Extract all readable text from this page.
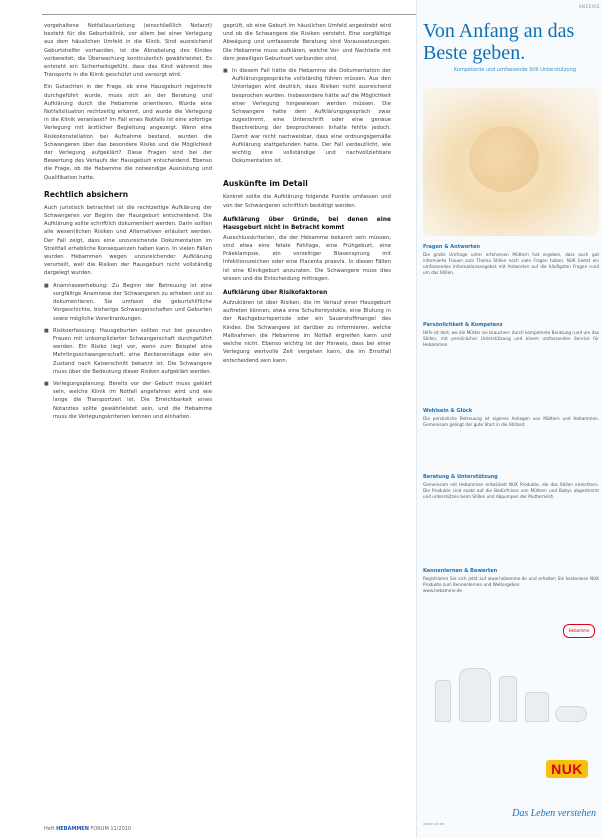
vorgehaltene Notfallausrüstung (einschließlich Notarzt) besteht für die Geburtsklinik, vor allem bei einer Verlegung aus dem häuslichen Umfeld in die Klinik. Sind ausreichend Geburtshelfer vorhanden, ist die Abnabelung des Kindes vorbereitet, die Überwachung kontinuierlich gewährleistet. Es entsteht ein Sicherheitsgefühl, dass das Kind während des Transports in die Klinik geschützt und versorgt wird.

Ein Gutachten in der Frage, ob eine Hausgeburt regelrecht durchgeführt wurde, muss sich an der Beratung und Aufklärung durch die Hebamme orientieren. Wurde eine Notfallsituation rechtzeitig erkannt, und wurde die Verlegung in die Klinik veranlasst? Im Fall eines Notfalls ist eine sofortige Verlegung mit ärztlicher Begleitung angezeigt. Wenn eine Risikokonstellation bei Aufnahme bestand, wurden die Schwangeren über das besondere Risiko und die Möglichkeit der Verlegung aufgeklärt? Diese Fragen sind bei der Bewertung des Verlaufs der Hausgeburt entscheidend. Ebenso die Frage, ob die Hebamme die notwendige Ausrüstung und Qualifikation hatte.

Rechtlich absichern

Auch juristisch betrachtet ist die rechtzeitige Aufklärung der Schwangeren vor Beginn der Hausgeburt entscheidend. Die Aufklärung sollte schriftlich dokumentiert werden. Darin sollten alle wesentlichen Risiken und Alternativen erläutert werden. Der Fall zeigt, dass eine unzureichende Dokumentation im Streitfall erhebliche Konsequenzen haben kann. In vielen Fällen wurden Hebammen wegen unzureichender Aufklärung verurteilt, weil die Risiken der Hausgeburt nicht vollständig dargelegt wurden.

■ Anamneseerhebung: Zu Beginn der Betreuung ist eine sorgfältige Anamnese der Schwangeren zu erheben und zu dokumentieren. Sie umfasst die geburtshilfliche Vorgeschichte, bisherige Schwangerschaften und Geburten sowie mögliche Vorerkrankungen.

■ Risikoerfassung: Hausgeburten sollten nur bei gesunden Frauen mit unkomplizierter Schwangerschaft durchgeführt werden. Ein Risiko liegt vor, wenn zum Beispiel eine Mehrlingsschwangerschaft, eine Beckenendlage oder ein Zustand nach Kaiserschnitt bekannt ist. Die Schwangere muss über die Bedeutung dieser Risiken aufgeklärt werden.

■ Verlegungsplanung: Bereits vor der Geburt muss geklärt sein, welche Klinik im Notfall angefahren wird und wie lange die Transportzeit ist. Die Erreichbarkeit eines Notarztes sollte gewährleistet sein, und die Hebamme muss die Verlegungskriterien kennen und einhalten.

geprüft, ob eine Geburt im häuslichen Umfeld angestrebt wird und ob die Schwangere die Risiken versteht. Eine sorgfältige Abwägung und umfassende Beratung sind Voraussetzungen. Die Hebamme muss aufklären, welche Vor- und Nachteile mit dem jeweiligen Geburtsort verbunden sind.

■ In diesem Fall hätte die Hebamme die Dokumentation der Aufklärungsgespräche vollständig führen müssen. Aus den Unterlagen wird deutlich, dass Risiken nicht ausreichend besprochen wurden. Insbesondere hätte auf die Möglichkeit einer Verlegung hingewiesen werden müssen. Die Schwangere hatte dem Aufklärungsgespräch zwar zugestimmt, eine Unterschrift oder eine genaue Beschreibung der besprochenen Inhalte fehlte jedoch. Damit war nicht nachweisbar, dass eine ordnungsgemäße Aufklärung stattgefunden hatte. Der Fall verdeutlicht, wie wichtig eine vollständige und nachvollziehbare Dokumentation ist.

Auskünfte im Detail

Konkret sollte die Aufklärung folgende Punkte umfassen und von der Schwangeren schriftlich bestätigt werden.

Aufklärung über Gründe, bei denen eine Hausgeburt nicht in Betracht kommt

Ausschlusskriterien, die der Hebamme bekannt sein müssen, sind etwa eine fetale Fehllage, eine Frühgeburt, eine Präeklampsie, ein vorzeitiger Blasensprung mit Infektionszeichen oder eine Placenta praevia. In diesen Fällen ist eine Klinikgeburt anzuraten. Die Schwangere muss dies wissen und die Entscheidung mittragen.

Aufklärung über Risikofaktoren

Aufzuklären ist über Risiken, die im Verlauf einer Hausgeburt auftreten können, etwa eine Schulterdystokie, eine Blutung in der Nachgeburtsperiode oder ein Sauerstoffmangel des Kindes. Die Schwangere ist darüber zu informieren, welche Maßnahmen die Hebamme im Notfall ergreifen kann und welche nicht. Ebenso wichtig ist der Hinweis, dass bei einer Verlegung wertvolle Zeit vergehen kann, die im Ernstfall entscheidend sein kann.

Heft HEBAMMEN FORUM 11/2010
ANZEIGE
Von Anfang an das Beste geben.
Kompetente und umfassende Still-Unterstützung
Fragen & Antworten

Die große Umfrage unter erfahrenen Müttern hat ergeben, dass auch gut informierte Frauen zum Thema Stillen noch viele Fragen haben. NUK bietet ein umfassendes Informationsangebot mit Antworten auf die häufigsten Fragen rund um das Stillen.

Persönlichkeit & Kompetenz

Hilfe ist dort, wo die Mütter sie brauchen: durch kompetente Beratung rund um das Stillen, mit persönlicher Unterstützung und einem umfassenden Service für Hebammen.

Wohlsein & Glück

Die persönliche Betreuung ist eigenes Anliegen von Müttern und Hebammen. Gemeinsam gelingt der gute Start in die Stillzeit.

Beratung & Unterstützung

Gemeinsam mit Hebammen entwickelt NUK Produkte, die das Stillen erleichtern. Die Produkte sind exakt auf die Bedürfnisse von Müttern und Babys abgestimmt und unterstützen beim Stillen und Abpumpen der Muttermilch.

Kennenlernen & Bewerten

Registrieren Sie sich jetzt auf www.hebamme.de und erhalten Sie kostenlose NUK Produkte zum Kennenlernen und Weitergeben.

www.hebamme.de

Hebamme
NUK
Das Leben verstehen
www.nuk.de
